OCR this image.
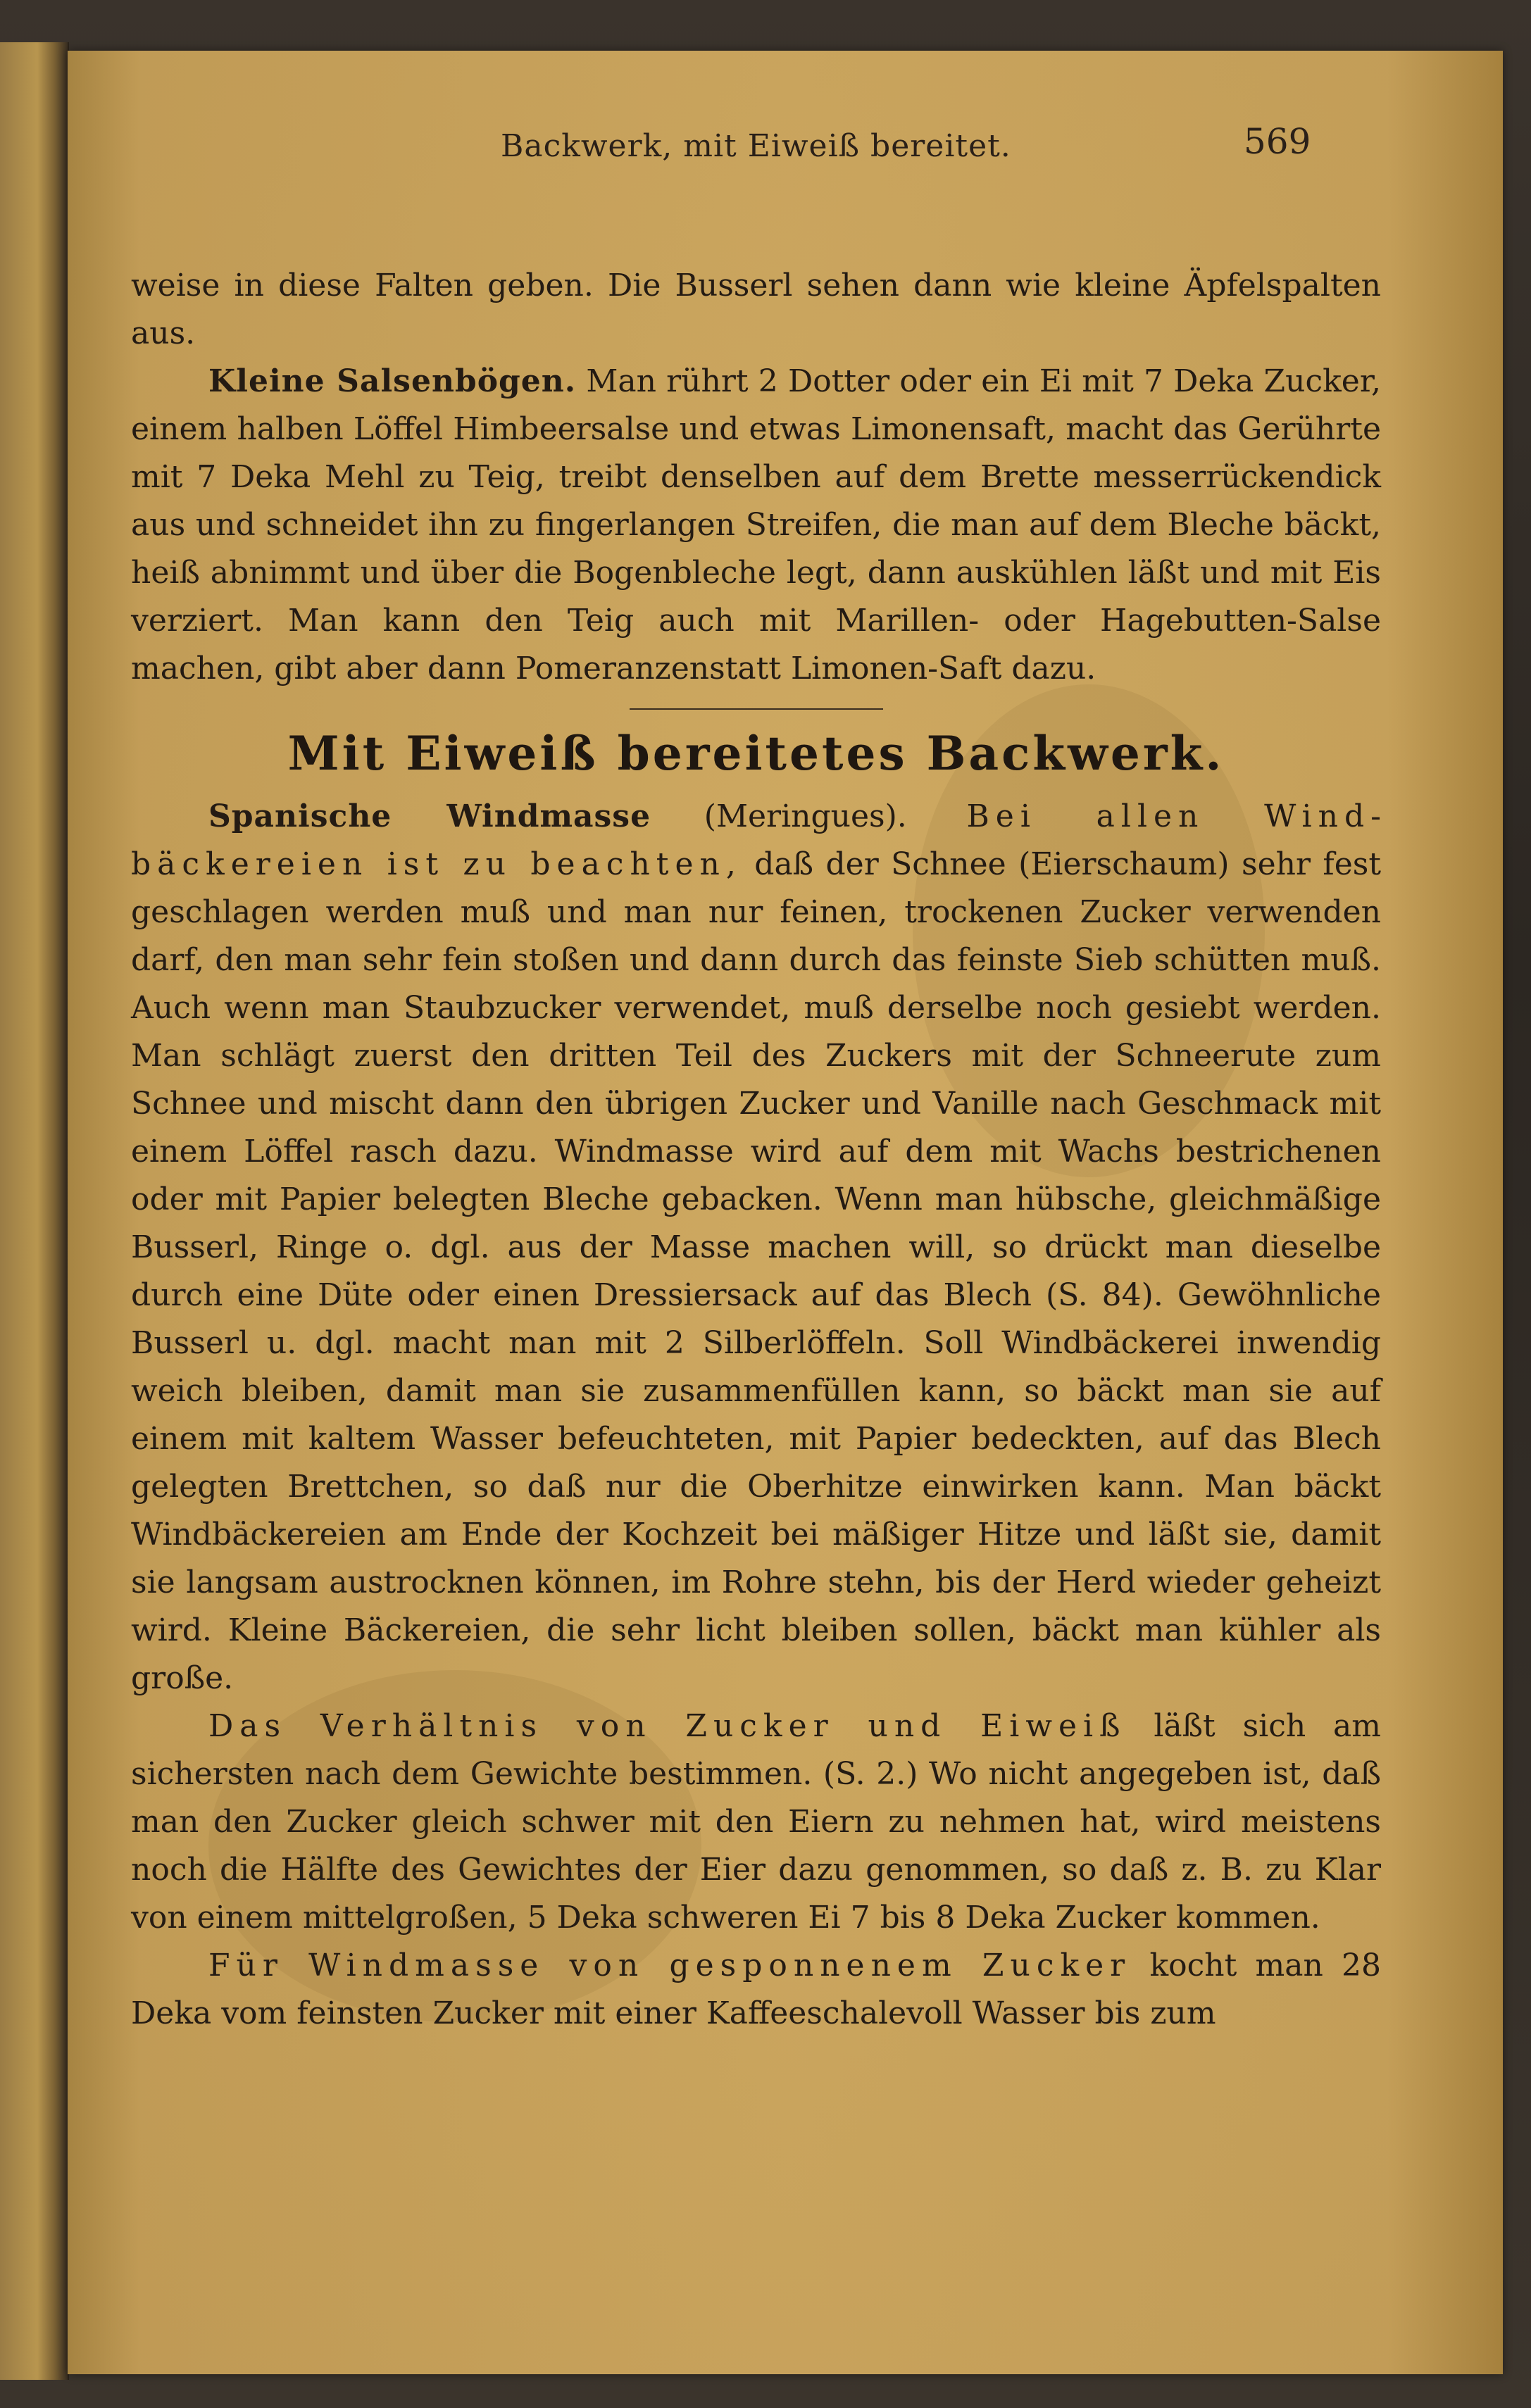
Backwerk, mit Eiweiß bereitet.	569

weise in diese Falten geben. Die Busserl sehen dann wie kleine Äpfelspalten aus.

Kleine Salsenbögen. Man rührt 2 Dotter oder ein Ei mit 7 Deka Zucker, einem halben Löffel Himbeersalse und etwas Limonensaft, macht das Gerührte mit 7 Deka Mehl zu Teig, treibt denselben auf dem Brette messerrückendick aus und schneidet ihn zu fingerlangen Streifen, die man auf dem Bleche bäckt, heiß abnimmt und über die Bogenbleche legt, dann auskühlen läßt und mit Eis verziert. Man kann den Teig auch mit Marillen- oder Hagebutten-Salse machen, gibt aber dann Pomeranzenstatt Limonen-Saft dazu.

Mit Eiweiß bereitetes Backwerk.

Spanische Windmasse (Meringues). Bei allen Windbäckereien ist zu beachten, daß der Schnee (Eierschaum) sehr fest geschlagen werden muß und man nur feinen, trockenen Zucker verwenden darf, den man sehr fein stoßen und dann durch das feinste Sieb schütten muß. Auch wenn man Staubzucker verwendet, muß derselbe noch gesiebt werden. Man schlägt zuerst den dritten Teil des Zuckers mit der Schneerute zum Schnee und mischt dann den übrigen Zucker und Vanille nach Geschmack mit einem Löffel rasch dazu. Windmasse wird auf dem mit Wachs bestrichenen oder mit Papier belegten Bleche gebacken. Wenn man hübsche, gleichmäßige Busserl, Ringe o. dgl. aus der Masse machen will, so drückt man dieselbe durch eine Düte oder einen Dressiersack auf das Blech (S. 84). Gewöhnliche Busserl u. dgl. macht man mit 2 Silberlöffeln. Soll Windbäckerei inwendig weich bleiben, damit man sie zusammenfüllen kann, so bäckt man sie auf einem mit kaltem Wasser befeuchteten, mit Papier bedeckten, auf das Blech gelegten Brettchen, so daß nur die Oberhitze einwirken kann. Man bäckt Windbäckereien am Ende der Kochzeit bei mäßiger Hitze und läßt sie, damit sie langsam austrocknen können, im Rohre stehn, bis der Herd wieder geheizt wird. Kleine Bäckereien, die sehr licht bleiben sollen, bäckt man kühler als große.

Das Verhältnis von Zucker und Eiweiß läßt sich am sichersten nach dem Gewichte bestimmen. (S. 2.) Wo nicht angegeben ist, daß man den Zucker gleich schwer mit den Eiern zu nehmen hat, wird meistens noch die Hälfte des Gewichtes der Eier dazu genommen, so daß z. B. zu Klar von einem mittelgroßen, 5 Deka schweren Ei 7 bis 8 Deka Zucker kommen.

Für Windmasse von gesponnenem Zucker kocht man 28 Deka vom feinsten Zucker mit einer Kaffeeschalevoll Wasser bis zum
